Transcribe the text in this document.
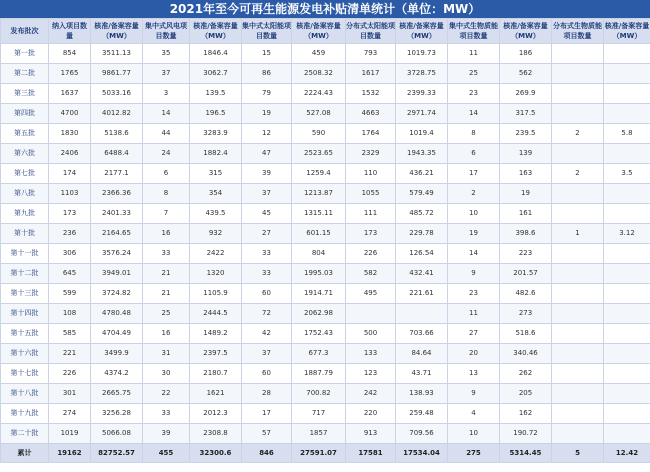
2021年至今可再生能源发电补贴清单统计（单位：MW）
发布批次	纳入项目数量	核准/备案容量（MW）	集中式风电项目数量	核准/备案容量（MW）	集中式太阳能项目数量	核准/备案容量（MW）	分布式太阳能项目数量	核准/备案容量（MW）	集中式生物质能项目数量	核准/备案容量（MW）	分布式生物质能项目数量	核准/备案容量（MW）
第一批	854	3511.13	35	1846.4	15	459	793	1019.73	11	186		
第二批	1765	9861.77	37	3062.7	86	2508.32	1617	3728.75	25	562		
第三批	1637	5033.16	3	139.5	79	2224.43	1532	2399.33	23	269.9		
第四批	4700	4012.82	14	196.5	19	527.08	4663	2971.74	14	317.5		
第五批	1830	5138.6	44	3283.9	12	590	1764	1019.4	8	239.5	2	5.8
第六批	2406	6488.4	24	1882.4	47	2523.65	2329	1943.35	6	139		
第七批	174	2177.1	6	315	39	1259.4	110	436.21	17	163	2	3.5
第八批	1103	2366.36	8	354	37	1213.87	1055	579.49	2	19		
第九批	173	2401.33	7	439.5	45	1315.11	111	485.72	10	161		
第十批	236	2164.65	16	932	27	601.15	173	229.78	19	398.6	1	3.12
第十一批	306	3576.24	33	2422	33	804	226	126.54	14	223		
第十二批	645	3949.01	21	1320	33	1995.03	582	432.41	9	201.57		
第十三批	599	3724.82	21	1105.9	60	1914.71	495	221.61	23	482.6		
第十四批	108	4780.48	25	2444.5	72	2062.98			11	273		
第十五批	585	4704.49	16	1489.2	42	1752.43	500	703.66	27	518.6		
第十六批	221	3499.9	31	2397.5	37	677.3	133	84.64	20	340.46		
第十七批	226	4374.2	30	2180.7	60	1887.79	123	43.71	13	262		
第十八批	301	2665.75	22	1621	28	700.82	242	138.93	9	205		
第十九批	274	3256.28	33	2012.3	17	717	220	259.48	4	162		
第二十批	1019	5066.08	39	2308.8	57	1857	913	709.56	10	190.72		
累计	19162	82752.57	455	32300.6	846	27591.07	17581	17534.04	275	5314.45	5	12.42
